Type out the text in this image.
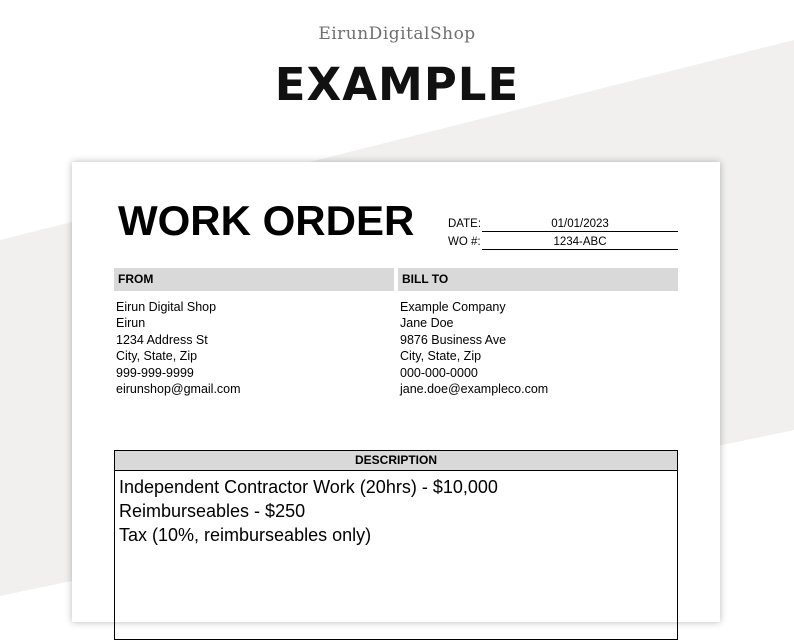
EirunDigitalShop
EXAMPLE
WORK ORDER	DATE:	01/01/2023
WO #:	1234-ABC
FROM	BILL TO
Eirun Digital Shop
Eirun
1234 Address St
City, State, Zip
999-999-9999
eirunshop@gmail.com
Example Company
Jane Doe
9876 Business Ave
City, State, Zip
000-000-0000
jane.doe@exampleco.com
DESCRIPTION
Independent Contractor Work (20hrs) - $10,000
Reimburseables - $250
Tax (10%, reimburseables only)
